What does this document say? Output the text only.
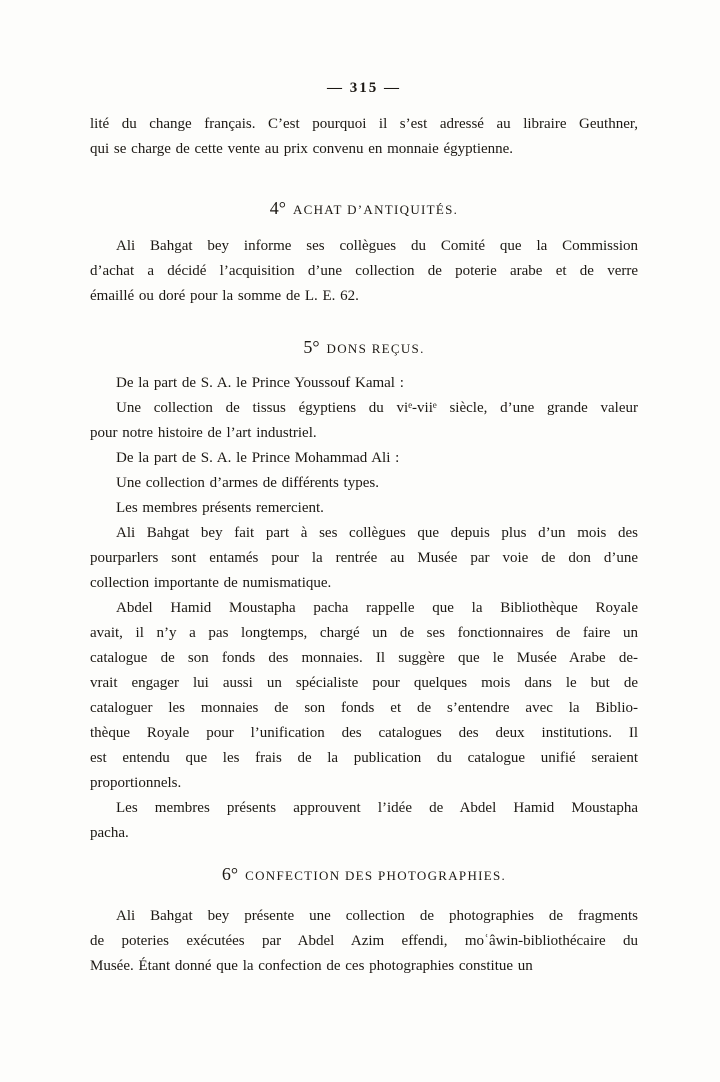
— 315 —
lité du change français. C’est pourquoi il s’est adressé au libraire Geuthner,
qui se charge de cette vente au prix convenu en monnaie égyptienne.
4° ACHAT D’ANTIQUITÉS.
Ali Bahgat bey informe ses collègues du Comité que la Commission
d’achat a décidé l’acquisition d’une collection de poterie arabe et de verre
émaillé ou doré pour la somme de L. E. 62.
5° DONS REÇUS.
De la part de S. A. le Prince Youssouf Kamal :
Une collection de tissus égyptiens du viᵉ-viiᵉ siècle, d’une grande valeur
pour notre histoire de l’art industriel.
De la part de S. A. le Prince Mohammad Ali :
Une collection d’armes de différents types.
Les membres présents remercient.
Ali Bahgat bey fait part à ses collègues que depuis plus d’un mois des
pourparlers sont entamés pour la rentrée au Musée par voie de don d’une
collection importante de numismatique.
Abdel Hamid Moustapha pacha rappelle que la Bibliothèque Royale
avait, il n’y a pas longtemps, chargé un de ses fonctionnaires de faire un
catalogue de son fonds des monnaies. Il suggère que le Musée Arabe de-
vrait engager lui aussi un spécialiste pour quelques mois dans le but de
cataloguer les monnaies de son fonds et de s’entendre avec la Biblio-
thèque Royale pour l’unification des catalogues des deux institutions. Il
est entendu que les frais de la publication du catalogue unifié seraient
proportionnels.
Les membres présents approuvent l’idée de Abdel Hamid Moustapha
pacha.
6° CONFECTION DES PHOTOGRAPHIES.
Ali Bahgat bey présente une collection de photographies de fragments
de poteries exécutées par Abdel Azim effendi, moʿâwin-bibliothécaire du
Musée. Étant donné que la confection de ces photographies constitue un
